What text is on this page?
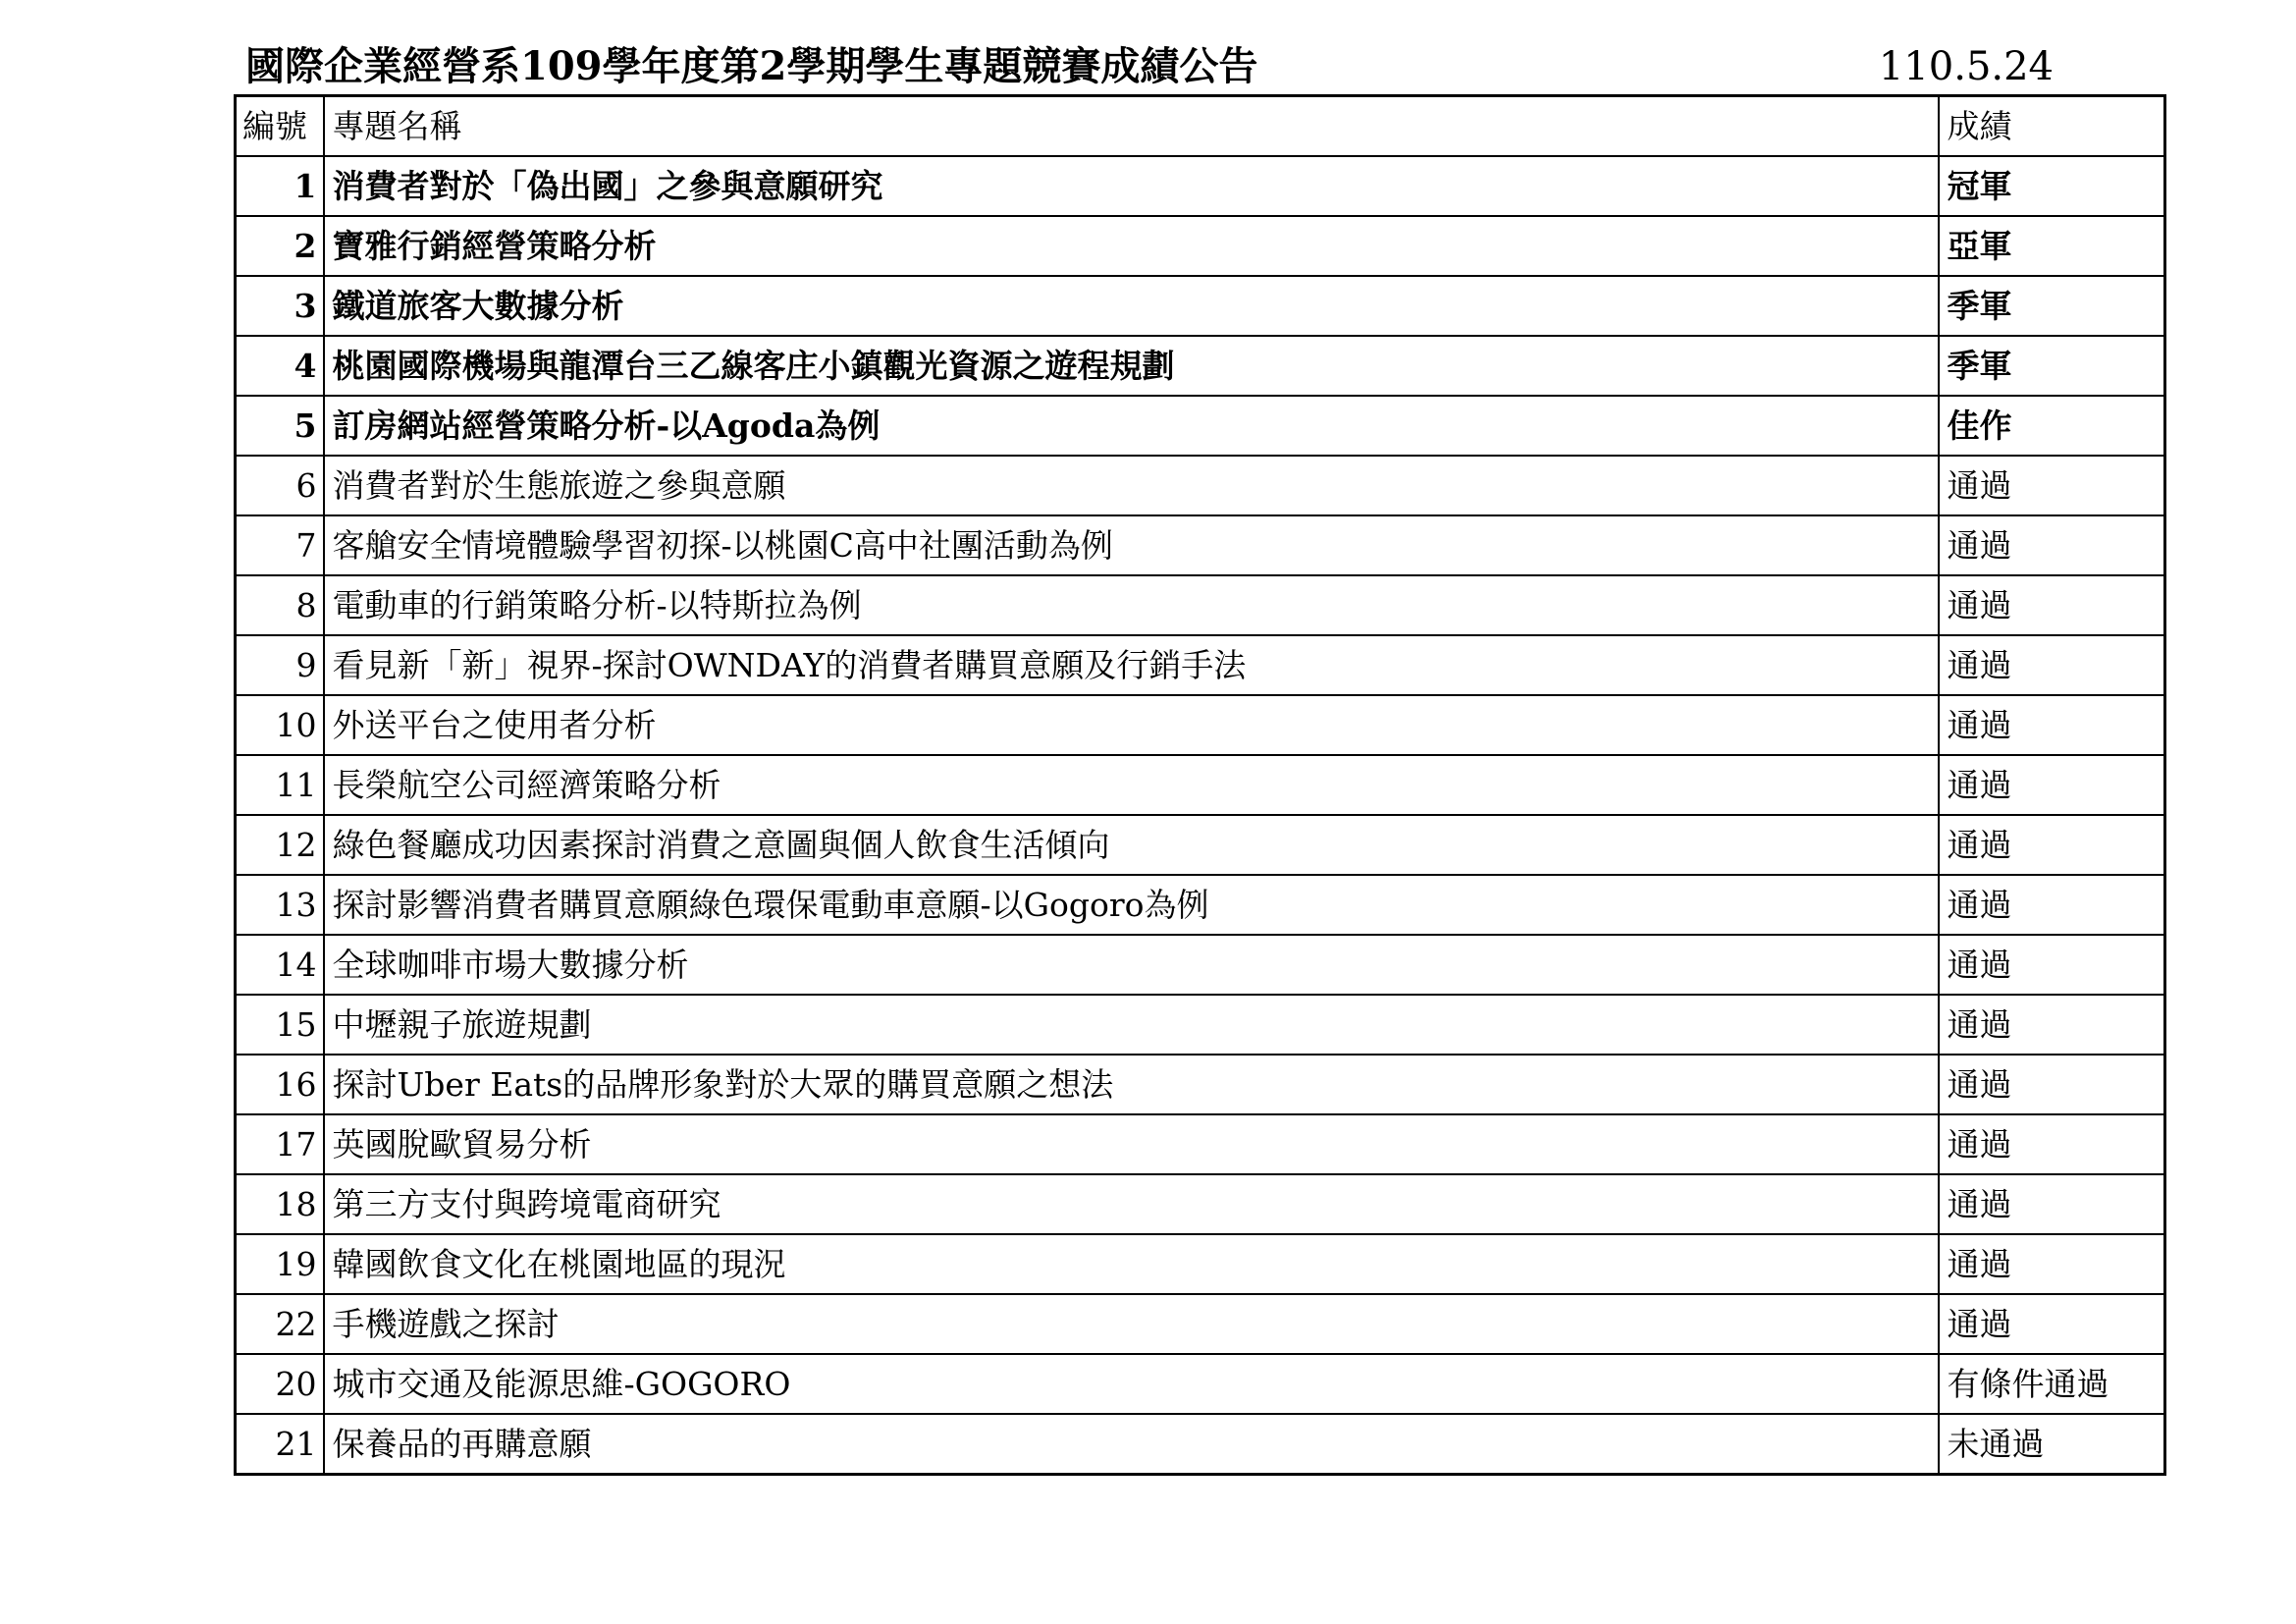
國際企業經營系109學年度第2學期學生專題競賽成績公告	110.5.24
編號	專題名稱	成績
1	消費者對於「偽出國」之參與意願研究	冠軍
2	寶雅行銷經營策略分析	亞軍
3	鐵道旅客大數據分析	季軍
4	桃園國際機場與龍潭台三乙線客庄小鎮觀光資源之遊程規劃	季軍
5	訂房網站經營策略分析-以Agoda為例	佳作
6	消費者對於生態旅遊之參與意願	通過
7	客艙安全情境體驗學習初探-以桃園C高中社團活動為例	通過
8	電動車的行銷策略分析-以特斯拉為例	通過
9	看見新「新」視界-探討OWNDAY的消費者購買意願及行銷手法	通過
10	外送平台之使用者分析	通過
11	長榮航空公司經濟策略分析	通過
12	綠色餐廳成功因素探討消費之意圖與個人飲食生活傾向	通過
13	探討影響消費者購買意願綠色環保電動車意願-以Gogoro為例	通過
14	全球咖啡市場大數據分析	通過
15	中壢親子旅遊規劃	通過
16	探討Uber Eats的品牌形象對於大眾的購買意願之想法	通過
17	英國脫歐貿易分析	通過
18	第三方支付與跨境電商研究	通過
19	韓國飲食文化在桃園地區的現況	通過
22	手機遊戲之探討	通過
20	城市交通及能源思維-GOGORO	有條件通過
21	保養品的再購意願	未通過
